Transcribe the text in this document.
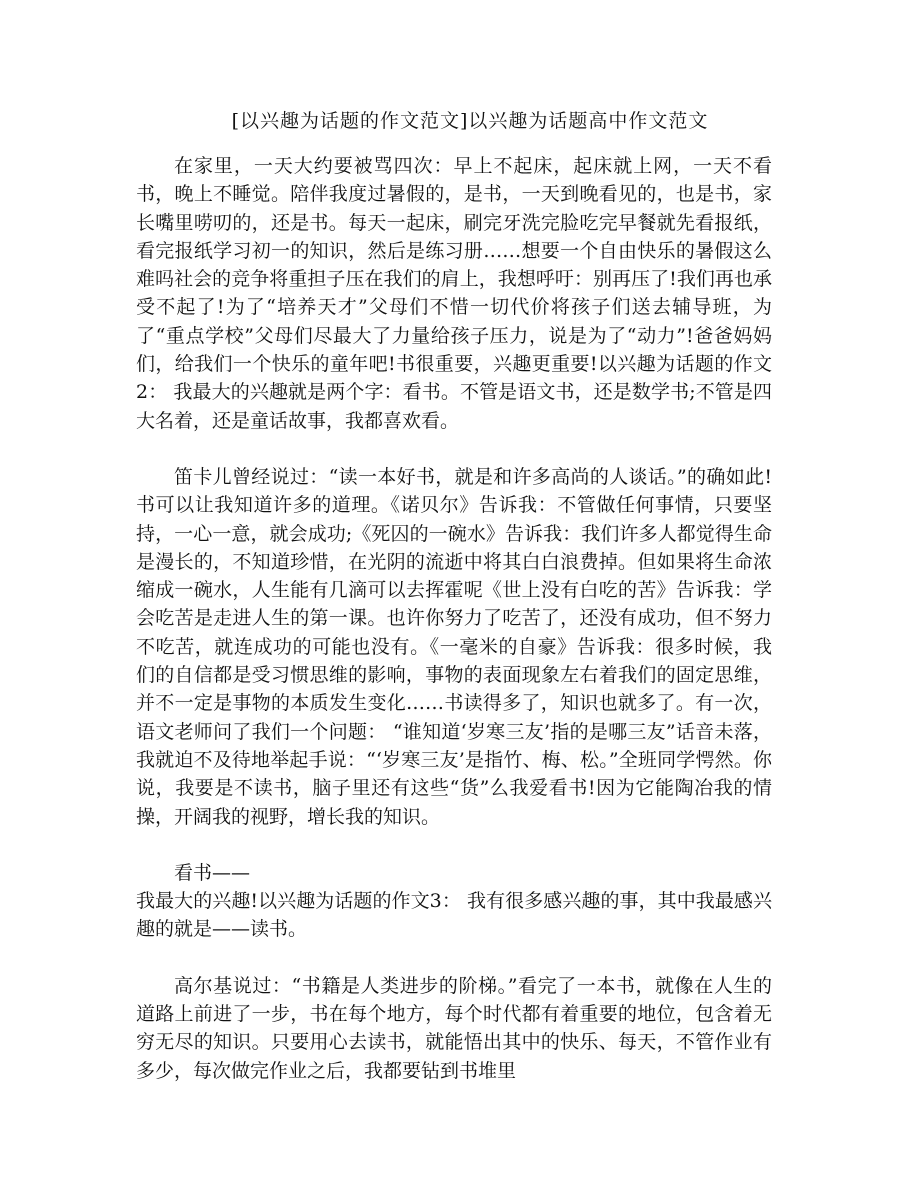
[以兴趣为话题的作文范文]以兴趣为话题高中作文范文

在家里，一天大约要被骂四次：早上不起床，起床就上网，一天不看书，晚上不睡觉。陪伴我度过暑假的，是书，一天到晚看见的，也是书，家长嘴里唠叨的，还是书。每天一起床，刷完牙洗完脸吃完早餐就先看报纸，看完报纸学习初一的知识，然后是练习册……想要一个自由快乐的暑假这么难吗社会的竞争将重担子压在我们的肩上，我想呼吁：别再压了!我们再也承受不起了!为了“培养天才”父母们不惜一切代价将孩子们送去辅导班，为了“重点学校”父母们尽最大了力量给孩子压力，说是为了“动力”!爸爸妈妈们，给我们一个快乐的童年吧!书很重要，兴趣更重要!以兴趣为话题的作文2： 我最大的兴趣就是两个字：看书。不管是语文书，还是数学书;不管是四大名着，还是童话故事，我都喜欢看。

笛卡儿曾经说过：“读一本好书，就是和许多高尚的人谈话。”的确如此!书可以让我知道许多的道理。《诺贝尔》告诉我：不管做任何事情，只要坚持，一心一意，就会成功;《死囚的一碗水》告诉我：我们许多人都觉得生命是漫长的，不知道珍惜，在光阴的流逝中将其白白浪费掉。但如果将生命浓缩成一碗水，人生能有几滴可以去挥霍呢《世上没有白吃的苦》告诉我：学会吃苦是走进人生的第一课。也许你努力了吃苦了，还没有成功，但不努力不吃苦，就连成功的可能也没有。《一毫米的自豪》告诉我：很多时候，我们的自信都是受习惯思维的影响，事物的表面现象左右着我们的固定思维，并不一定是事物的本质发生变化……书读得多了，知识也就多了。有一次，语文老师问了我们一个问题： “谁知道‘岁寒三友’指的是哪三友”话音未落，我就迫不及待地举起手说：“‘岁寒三友’是指竹、梅、松。”全班同学愕然。你说，我要是不读书，脑子里还有这些“货”么我爱看书!因为它能陶冶我的情操，开阔我的视野，增长我的知识。

看书——
我最大的兴趣!以兴趣为话题的作文3： 我有很多感兴趣的事，其中我最感兴趣的就是——读书。

高尔基说过：“书籍是人类进步的阶梯。”看完了一本书，就像在人生的道路上前进了一步，书在每个地方，每个时代都有着重要的地位，包含着无穷无尽的知识。只要用心去读书，就能悟出其中的快乐、每天，不管作业有多少，每次做完作业之后，我都要钻到书堆里
